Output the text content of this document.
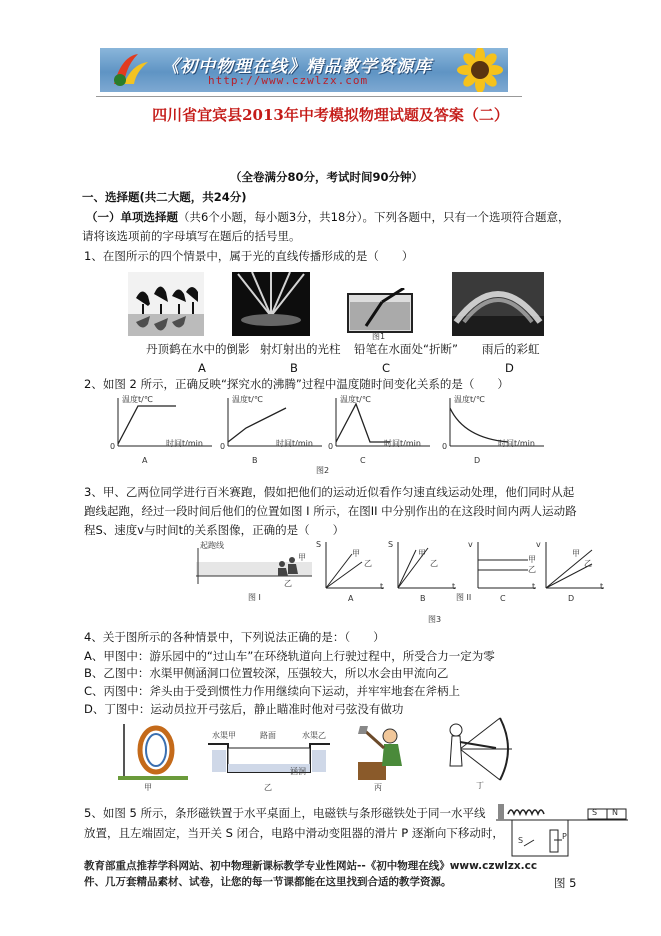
《初中物理在线》精品教学资源库
http://www.czwlzx.com
四川省宜宾县2013年中考模拟物理试题及答案（二）
（全卷满分80分，考试时间90分钟）
一、选择题(共二大题，共24分)
（一）单项选择题（共6个小题，每小题3分，共18分）。下列各题中，只有一个选项符合题意，
请将该选项前的字母填写在题后的括号里。
1、在图所示的四个情景中，属于光的直线传播形成的是（　　）
图1
丹顶鹤在水中的倒影 射灯射出的光柱 铅笔在水面处“折断” 雨后的彩虹
A	B	C	D
2、如图 2 所示，正确反映“探究水的沸腾”过程中温度随时间变化关系的是（　　）
温度t/℃
时间t/min
0
A
温度t/℃
时间t/min
0
B
温度t/℃
时间t/min
0
C
温度t/℃
时间t/min
0
D
图2
3、甲、乙两位同学进行百米赛跑，假如把他们的运动近似看作匀速直线运动处理，他们同时从起
跑线起跑，经过一段时间后他们的位置如图 I 所示，在图II 中分别作出的在这段时间内两人运动路
程S、速度v与时间t的关系图像，正确的是（　　）
起跑线
甲
乙
图 I
S
t
A
甲
乙
S
t
B
甲
乙
v
t
C
甲
乙
v
t
D
甲
乙
图 II
图3
4、关于图所示的各种情景中，下列说法正确的是：（　　）
A、甲图中：游乐园中的“过山车”在环绕轨道向上行驶过程中，所受合力一定为零
B、乙图中：水渠甲侧涵洞口位置较深，压强较大，所以水会由甲流向乙
C、丙图中：斧头由于受到惯性力作用继续向下运动，并牢牢地套在斧柄上
D、丁图中：运动员拉开弓弦后，静止瞄准时他对弓弦没有做功
甲
水渠甲	路面	水渠乙
涵洞
乙	丙	丁
5、如图 5 所示，条形磁铁置于水平桌面上，电磁铁与条形磁铁处于同一水平线
放置，且左端固定，当开关 S 闭合，电路中滑动变阻器的滑片 P 逐渐向下移动时，
S N
P
S
教育部重点推荐学科网站、初中物理新课标教学专业性网站--《初中物理在线》www.czwlzx.cc
件、几万套精品素材、试卷，让您的每一节课都能在这里找到合适的教学资源。	图 5
